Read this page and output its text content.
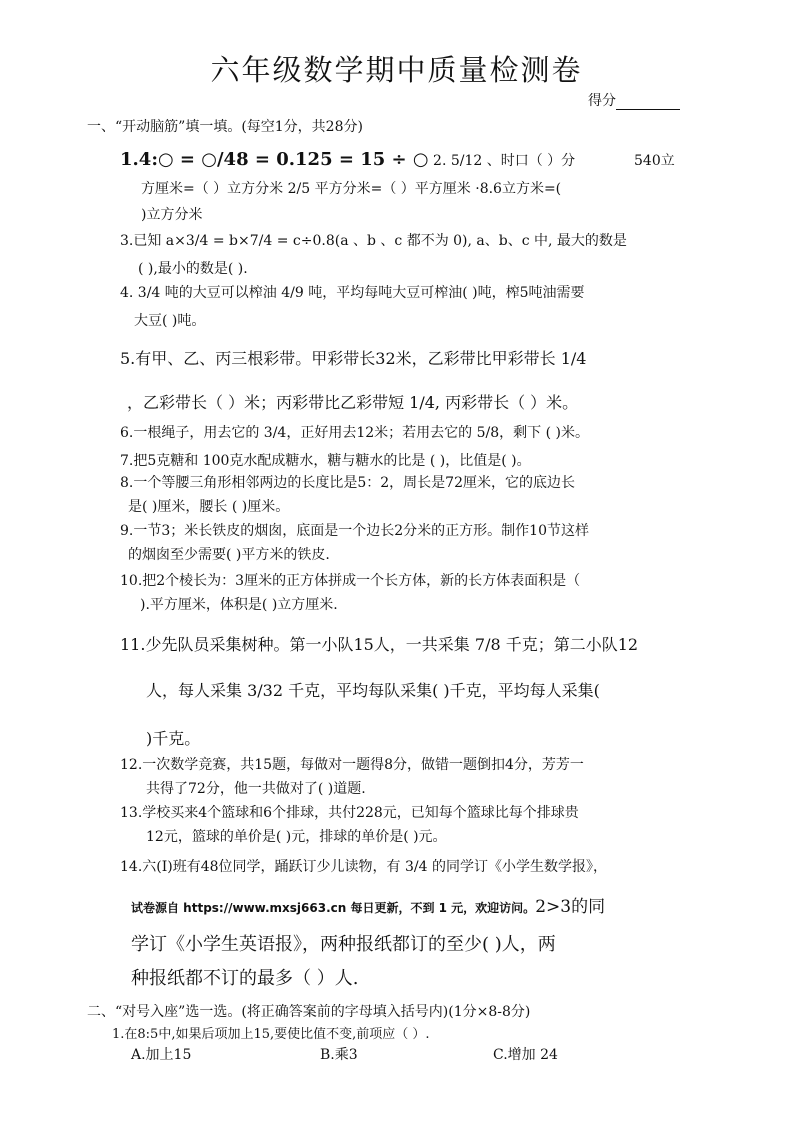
六年级数学期中质量检测卷
得分
一、“开动脑筋”填一填。(每空1分，共28分)
1.4:○ = ○/48 = 0.125 = 15 ÷ ○ 2. 5/12 、时口（ ）分	540立
方厘米=（ ）立方分米 2/5 平方分米=（ ）平方厘米 ·8.6立方米=(
)立方分米
3.已知 a×3/4 = b×7/4 = c÷0.8(a 、b 、c 都不为 0), a、b、c 中, 最大的数是
( ),最小的数是( ).
4. 3/4 吨的大豆可以榨油 4/9 吨，平均每吨大豆可榨油( )吨，榨5吨油需要
大豆( )吨。
5.有甲、乙、丙三根彩带。甲彩带长32米，乙彩带比甲彩带长 1/4
，乙彩带长（ ）米；丙彩带比乙彩带短 1/4, 丙彩带长（ ）米。
6.一根绳子，用去它的 3/4，正好用去12米；若用去它的 5/8，剩下 ( )米。
7.把5克糖和 100克水配成糖水，糖与糖水的比是 ( )，比值是( )。
8.一个等腰三角形相邻两边的长度比是5：2，周长是72厘米，它的底边长
是( )厘米，腰长 ( )厘米。
9.一节3；米长铁皮的烟囱，底面是一个边长2分米的正方形。制作10节这样
的烟囱至少需要( )平方米的铁皮.
10.把2个棱长为：3厘米的正方体拼成一个长方体，新的长方体表面积是（
).平方厘米，体积是( )立方厘米.
11.少先队员采集树种。第一小队15人，一共采集 7/8 千克；第二小队12
人，每人采集 3/32 千克，平均每队采集( )千克，平均每人采集(
)千克。
12.一次数学竞赛，共15题，每做对一题得8分，做错一题倒扣4分，芳芳一
共得了72分，他一共做对了( )道题.
13.学校买来4个篮球和6个排球，共付228元，已知每个篮球比每个排球贵
12元，篮球的单价是( )元，排球的单价是( )元。
14.六(Ⅰ)班有48位同学，踊跃订少儿读物，有 3/4 的同学订《小学生数学报》，
试卷源自 https://www.mxsj663.cn 每日更新，不到 1 元，欢迎访问。2>3的同
学订《小学生英语报》，两种报纸都订的至少( )人，两
种报纸都不订的最多（ ）人.
二、“对号入座”选一选。(将正确答案前的字母填入括号内)(1分×8-8分)
1.在8:5中,如果后项加上15,要使比值不变,前项应（ ）.
A.加上15	B.乘3	C.增加 24
